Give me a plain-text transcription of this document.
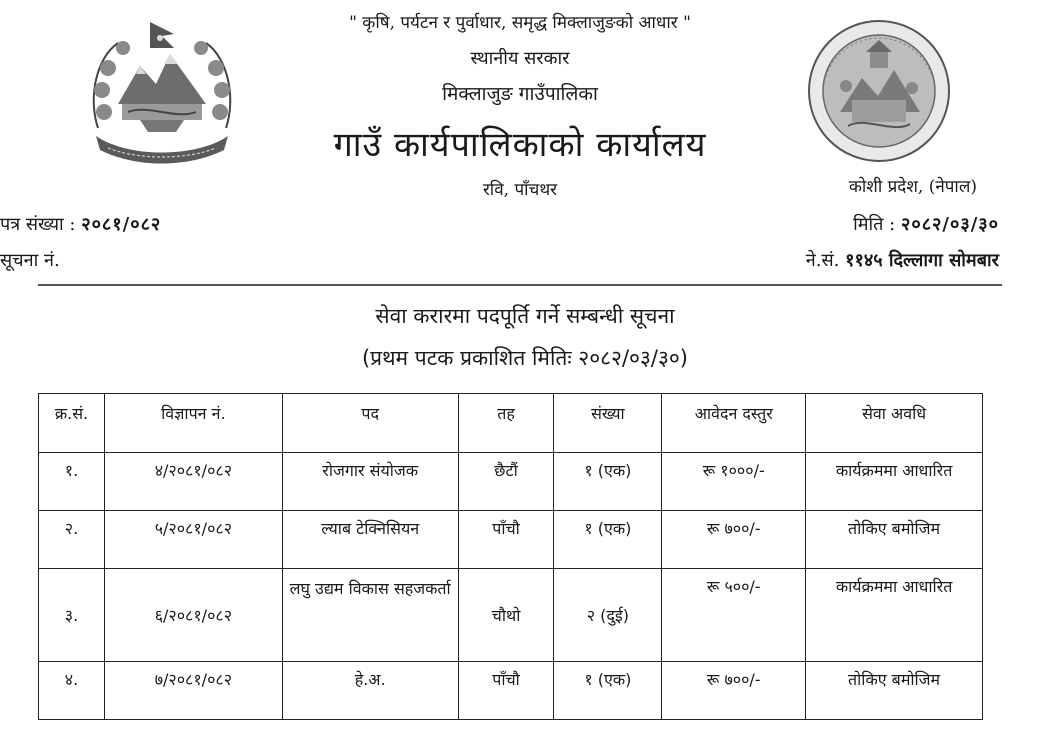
" कृषि, पर्यटन र पुर्वाधार, समृद्ध मिक्लाजुङको आधार "
स्थानीय सरकार
मिक्लाजुङ गाउँपालिका
गाउँ कार्यपालिकाको कार्यालय
रवि, पाँचथर	कोशी प्रदेश, (नेपाल)
पत्र संख्या : २०८१/०८२
सूचना नं.
मिति : २०८२/०३/३०
ने.सं. ११४५ दिल्लागा सोमबार
सेवा करारमा पदपूर्ति गर्ने सम्बन्धी सूचना
(प्रथम पटक प्रकाशित मितिः २०८२/०३/३०)
क्र.सं.	विज्ञापन नं.	पद	तह	संख्या	आवेदन दस्तुर	सेवा अवधि
१.	४/२०८१/०८२	रोजगार संयोजक	छैटौं	१ (एक)	रू १०००/-	कार्यक्रममा आधारित
२.	५/२०८१/०८२	ल्याब टेक्निसियन	पाँचौ	१ (एक)	रू ७००/-	तोकिए बमोजिम
३.	६/२०८१/०८२	लघु उद्यम विकास सहजकर्ता	चौथो	२ (दुई)	रू ५००/-	कार्यक्रममा आधारित
४.	७/२०८१/०८२	हे.अ.	पाँचौ	१ (एक)	रू ७००/-	तोकिए बमोजिम
